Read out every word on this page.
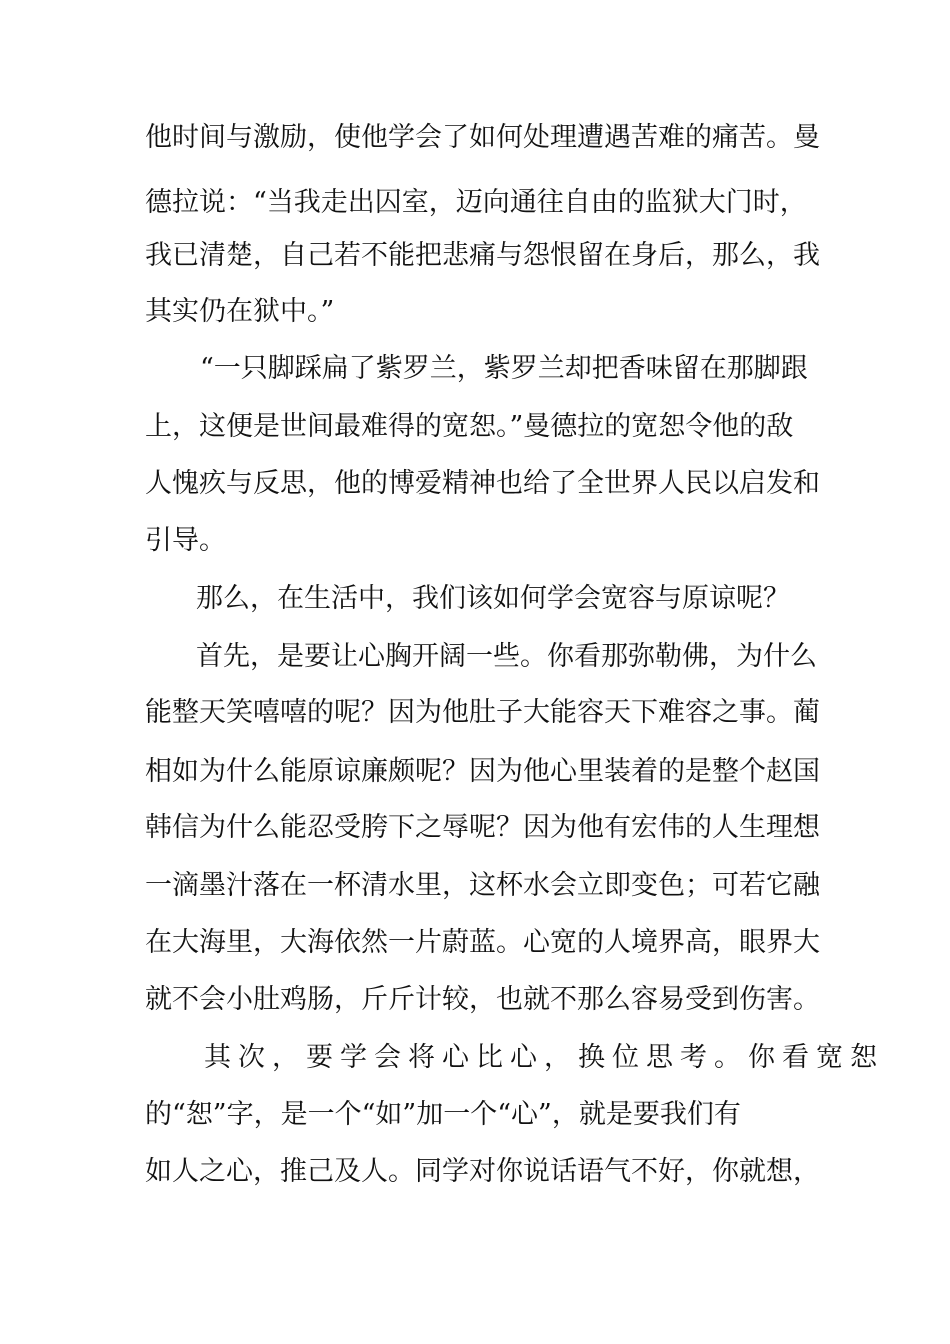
他时间与激励，使他学会了如何处理遭遇苦难的痛苦。曼
德拉说：“当我走出囚室，迈向通往自由的监狱大门时，
我已清楚，自己若不能把悲痛与怨恨留在身后，那么，我
其实仍在狱中。”
“一只脚踩扁了紫罗兰，紫罗兰却把香味留在那脚跟
上，这便是世间最难得的宽恕。”曼德拉的宽恕令他的敌
人愧疚与反思，他的博爱精神也给了全世界人民以启发和
引导。
那么，在生活中，我们该如何学会宽容与原谅呢？
首先，是要让心胸开阔一些。你看那弥勒佛，为什么
能整天笑嘻嘻的呢？因为他肚子大能容天下难容之事。蔺
相如为什么能原谅廉颇呢？因为他心里装着的是整个赵国
韩信为什么能忍受胯下之辱呢？因为他有宏伟的人生理想
一滴墨汁落在一杯清水里，这杯水会立即变色；可若它融
在大海里，大海依然一片蔚蓝。心宽的人境界高，眼界大
就不会小肚鸡肠，斤斤计较，也就不那么容易受到伤害。
其次，要学会将心比心，换位思考。你看宽恕
的“恕”字，是一个“如”加一个“心”，就是要我们有
如人之心，推己及人。同学对你说话语气不好，你就想，
